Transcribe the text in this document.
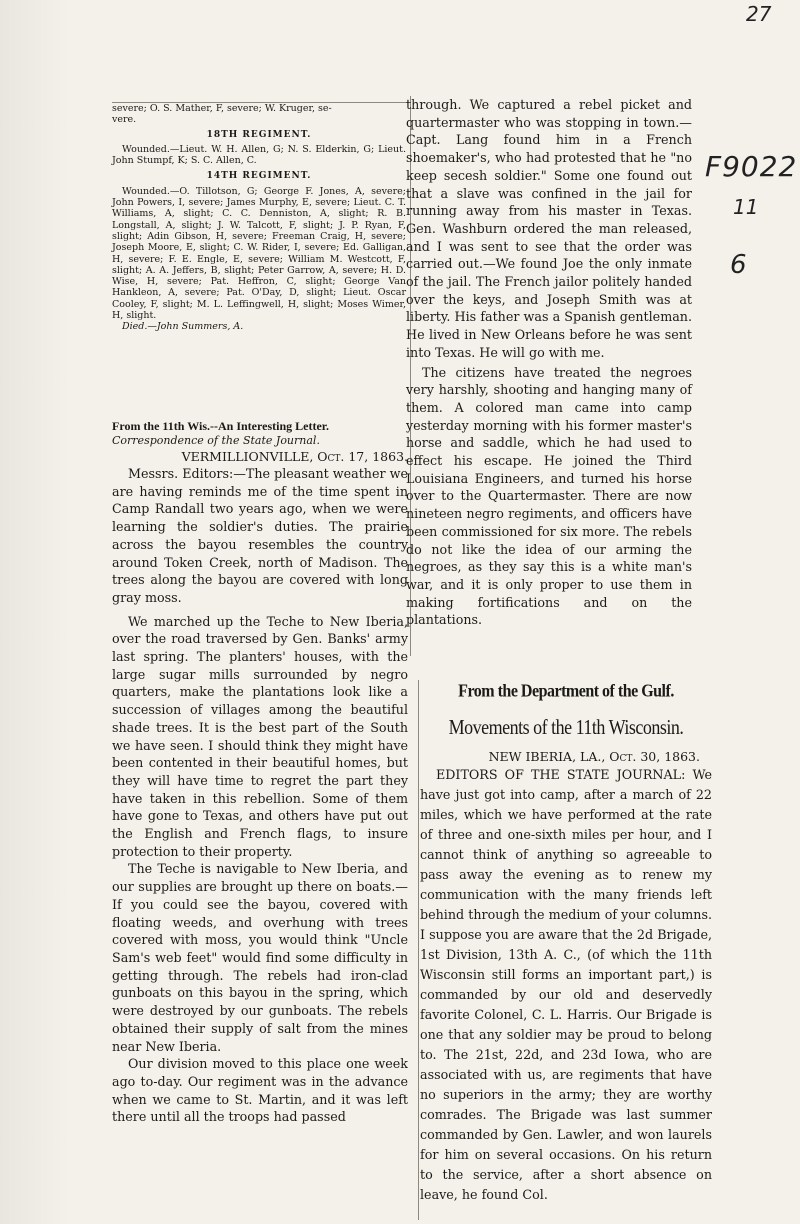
27
F9022
11
6

severe; O. S. Mather, F, severe; W. Kruger, se-

vere.

18TH REGIMENT.

Wounded.—Lieut. W. H. Allen, G; N. S. Elderkin, G; Lieut. John Stumpf, K; S. C. Allen, C.

14TH REGIMENT.

Wounded.—O. Tillotson, G; George F. Jones, A, severe; John Powers, I, severe; James Murphy, E, severe; Lieut. C. T. Williams, A, slight; C. C. Denniston, A, slight; R. B. Longstall, A, slight; J. W. Talcott, F, slight; J. P. Ryan, F, slight; Adin Gibson, H, severe; Freeman Craig, H, severe; Joseph Moore, E, slight; C. W. Rider, I, severe; Ed. Galligan, H, severe; F. E. Engle, E, severe; William M. Westcott, F, slight; A. A. Jeffers, B, slight; Peter Garrow, A, severe; H. D. Wise, H, severe; Pat. Heffron, C, slight; George Van Hankleon, A, severe; Pat. O'Day, D, slight; Lieut. Oscar Cooley, F, slight; M. L. Leffingwell, H, slight; Moses Wimer, H, slight.

Died.—John Summers, A.

From the 11th Wis.--An Interesting Letter.
Correspondence of the State Journal.
VERMILLIONVILLE, Oct. 17, 1863.

Messrs. Editors:—The pleasant weather we are having reminds me of the time spent in Camp Randall two years ago, when we were learning the soldier's duties. The prairie across the bayou resembles the country around Token Creek, north of Madison. The trees along the bayou are covered with long gray moss.

We marched up the Teche to New Iberia, over the road traversed by Gen. Banks' army last spring. The planters' houses, with the large sugar mills surrounded by negro quarters, make the plantations look like a succession of villages among the beautiful shade trees. It is the best part of the South we have seen. I should think they might have been contented in their beautiful homes, but they will have time to regret the part they have taken in this rebellion. Some of them have gone to Texas, and others have put out the English and French flags, to insure protection to their property.

The Teche is navigable to New Iberia, and our supplies are brought up there on boats.—If you could see the bayou, covered with floating weeds, and overhung with trees covered with moss, you would think "Uncle Sam's web feet" would find some difficulty in getting through. The rebels had iron-clad gunboats on this bayou in the spring, which were destroyed by our gunboats. The rebels obtained their supply of salt from the mines near New Iberia.

Our division moved to this place one week ago to-day. Our regiment was in the advance when we came to St. Martin, and it was left there until all the troops had passed

through. We captured a rebel picket and quartermaster who was stopping in town.—Capt. Lang found him in a French shoemaker's, who had protested that he "no keep secesh soldier." Some one found out that a slave was confined in the jail for running away from his master in Texas. Gen. Washburn ordered the man released, and I was sent to see that the order was carried out.—We found Joe the only inmate of the jail. The French jailor politely handed over the keys, and Joseph Smith was at liberty. His father was a Spanish gentleman. He lived in New Orleans before he was sent into Texas. He will go with me.

The citizens have treated the negroes very harshly, shooting and hanging many of them. A colored man came into camp yesterday morning with his former master's horse and saddle, which he had used to effect his escape. He joined the Third Louisiana Engineers, and turned his horse over to the Quartermaster. There are now nineteen negro regiments, and officers have been commissioned for six more. The rebels do not like the idea of our arming the negroes, as they say this is a white man's war, and it is only proper to use them in making fortifications and on the plantations.

From the Department of the Gulf.
Movements of the 11th Wisconsin.
NEW IBERIA, LA., Oct. 30, 1863.

EDITORS OF THE STATE JOURNAL: We have just got into camp, after a march of 22 miles, which we have performed at the rate of three and one-sixth miles per hour, and I cannot think of anything so agreeable to pass away the evening as to renew my communication with the many friends left behind through the medium of your columns. I suppose you are aware that the 2d Brigade, 1st Division, 13th A. C., (of which the 11th Wisconsin still forms an important part,) is commanded by our old and deservedly favorite Colonel, C. L. Harris. Our Brigade is one that any soldier may be proud to belong to. The 21st, 22d, and 23d Iowa, who are associated with us, are regiments that have no superiors in the army; they are worthy comrades. The Brigade was last summer commanded by Gen. Lawler, and won laurels for him on several occasions. On his return to the service, after a short absence on leave, he found Col.
